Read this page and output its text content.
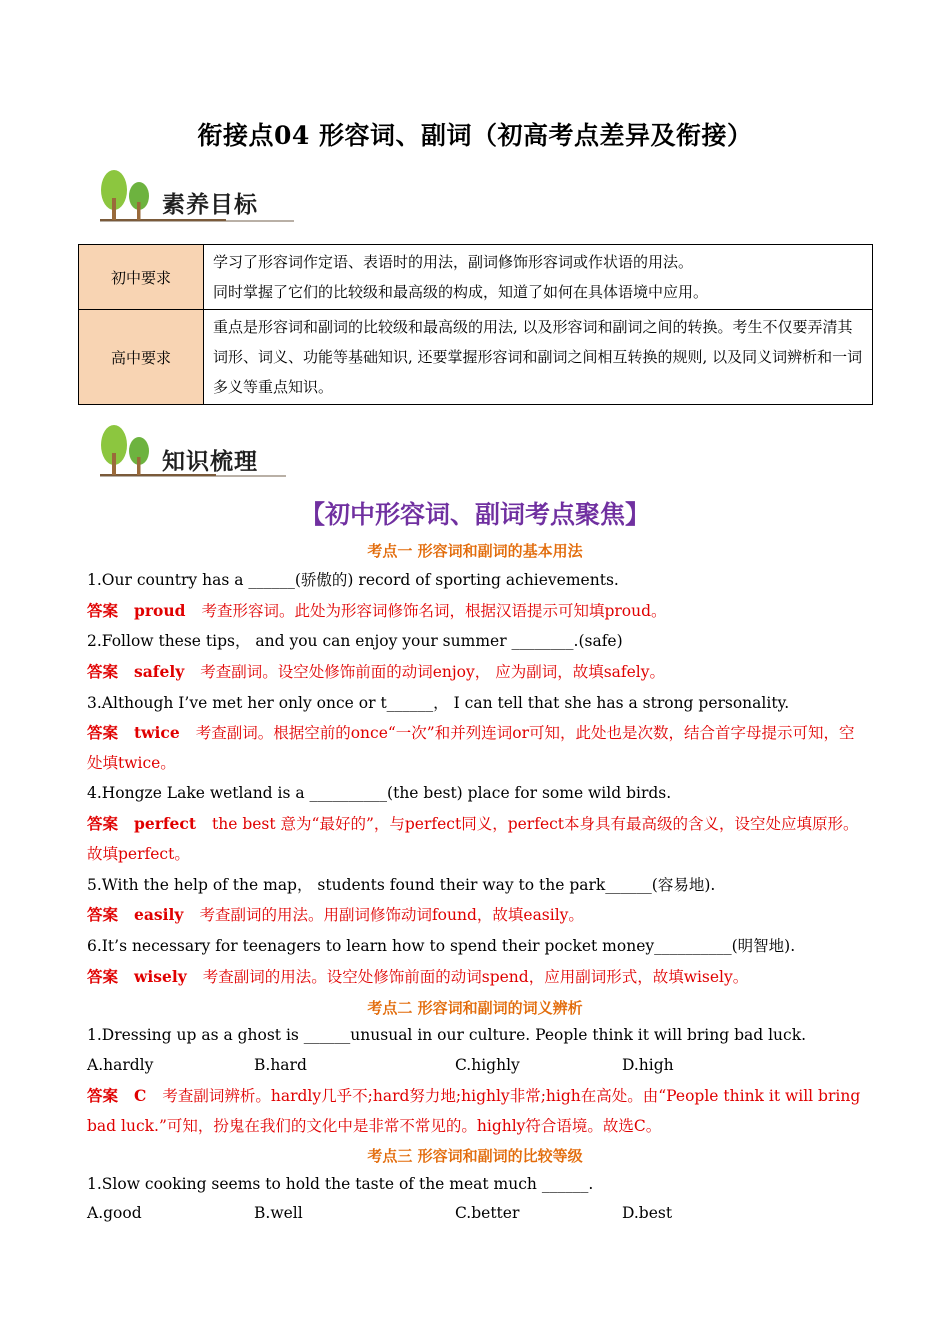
衔接点04 形容词、副词（初高考点差异及衔接）
素养目标
初中要求	学习了形容词作定语、表语时的用法，副词修饰形容词或作状语的用法。
同时掌握了它们的比较级和最高级的构成，知道了如何在具体语境中应用。

高中要求	重点是形容词和副词的比较级和最高级的用法, 以及形容词和副词之间的转换。考生不仅要弄清其词形、词义、功能等基础知识, 还要掌握形容词和副词之间相互转换的规则, 以及同义词辨析和一词多义等重点知识。
知识梳理
【初中形容词、副词考点聚焦】
考点一 形容词和副词的基本用法
1.Our country has a ______(骄傲的) record of sporting achievements.
答案 proud 考查形容词。此处为形容词修饰名词，根据汉语提示可知填proud。
2.Follow these tips， and you can enjoy your summer ________.(safe)
答案 safely 考查副词。设空处修饰前面的动词enjoy， 应为副词，故填safely。
3.Although I’ve met her only once or t______， I can tell that she has a strong personality.
答案 twice 考查副词。根据空前的once“一次”和并列连词or可知，此处也是次数，结合首字母提示可知，空处填twice。
4.Hongze Lake wetland is a __________(the best) place for some wild birds.
答案 perfect the best 意为“最好的”，与perfect同义，perfect本身具有最高级的含义，设空处应填原形。故填perfect。
5.With the help of the map， students found their way to the park______(容易地).
答案 easily 考查副词的用法。用副词修饰动词found，故填easily。
6.It’s necessary for teenagers to learn how to spend their pocket money__________(明智地).
答案 wisely 考查副词的用法。设空处修饰前面的动词spend，应用副词形式，故填wisely。
考点二 形容词和副词的词义辨析
1.Dressing up as a ghost is ______unusual in our culture. People think it will bring bad luck.
A.hardly	B.hard	C.highly	D.high
答案 C 考查副词辨析。hardly几乎不;hard努力地;highly非常;high在高处。由“People think it will bring bad luck.”可知，扮鬼在我们的文化中是非常不常见的。highly符合语境。故选C。
考点三 形容词和副词的比较等级
1.Slow cooking seems to hold the taste of the meat much ______.
A.good	B.well	C.better	D.best
